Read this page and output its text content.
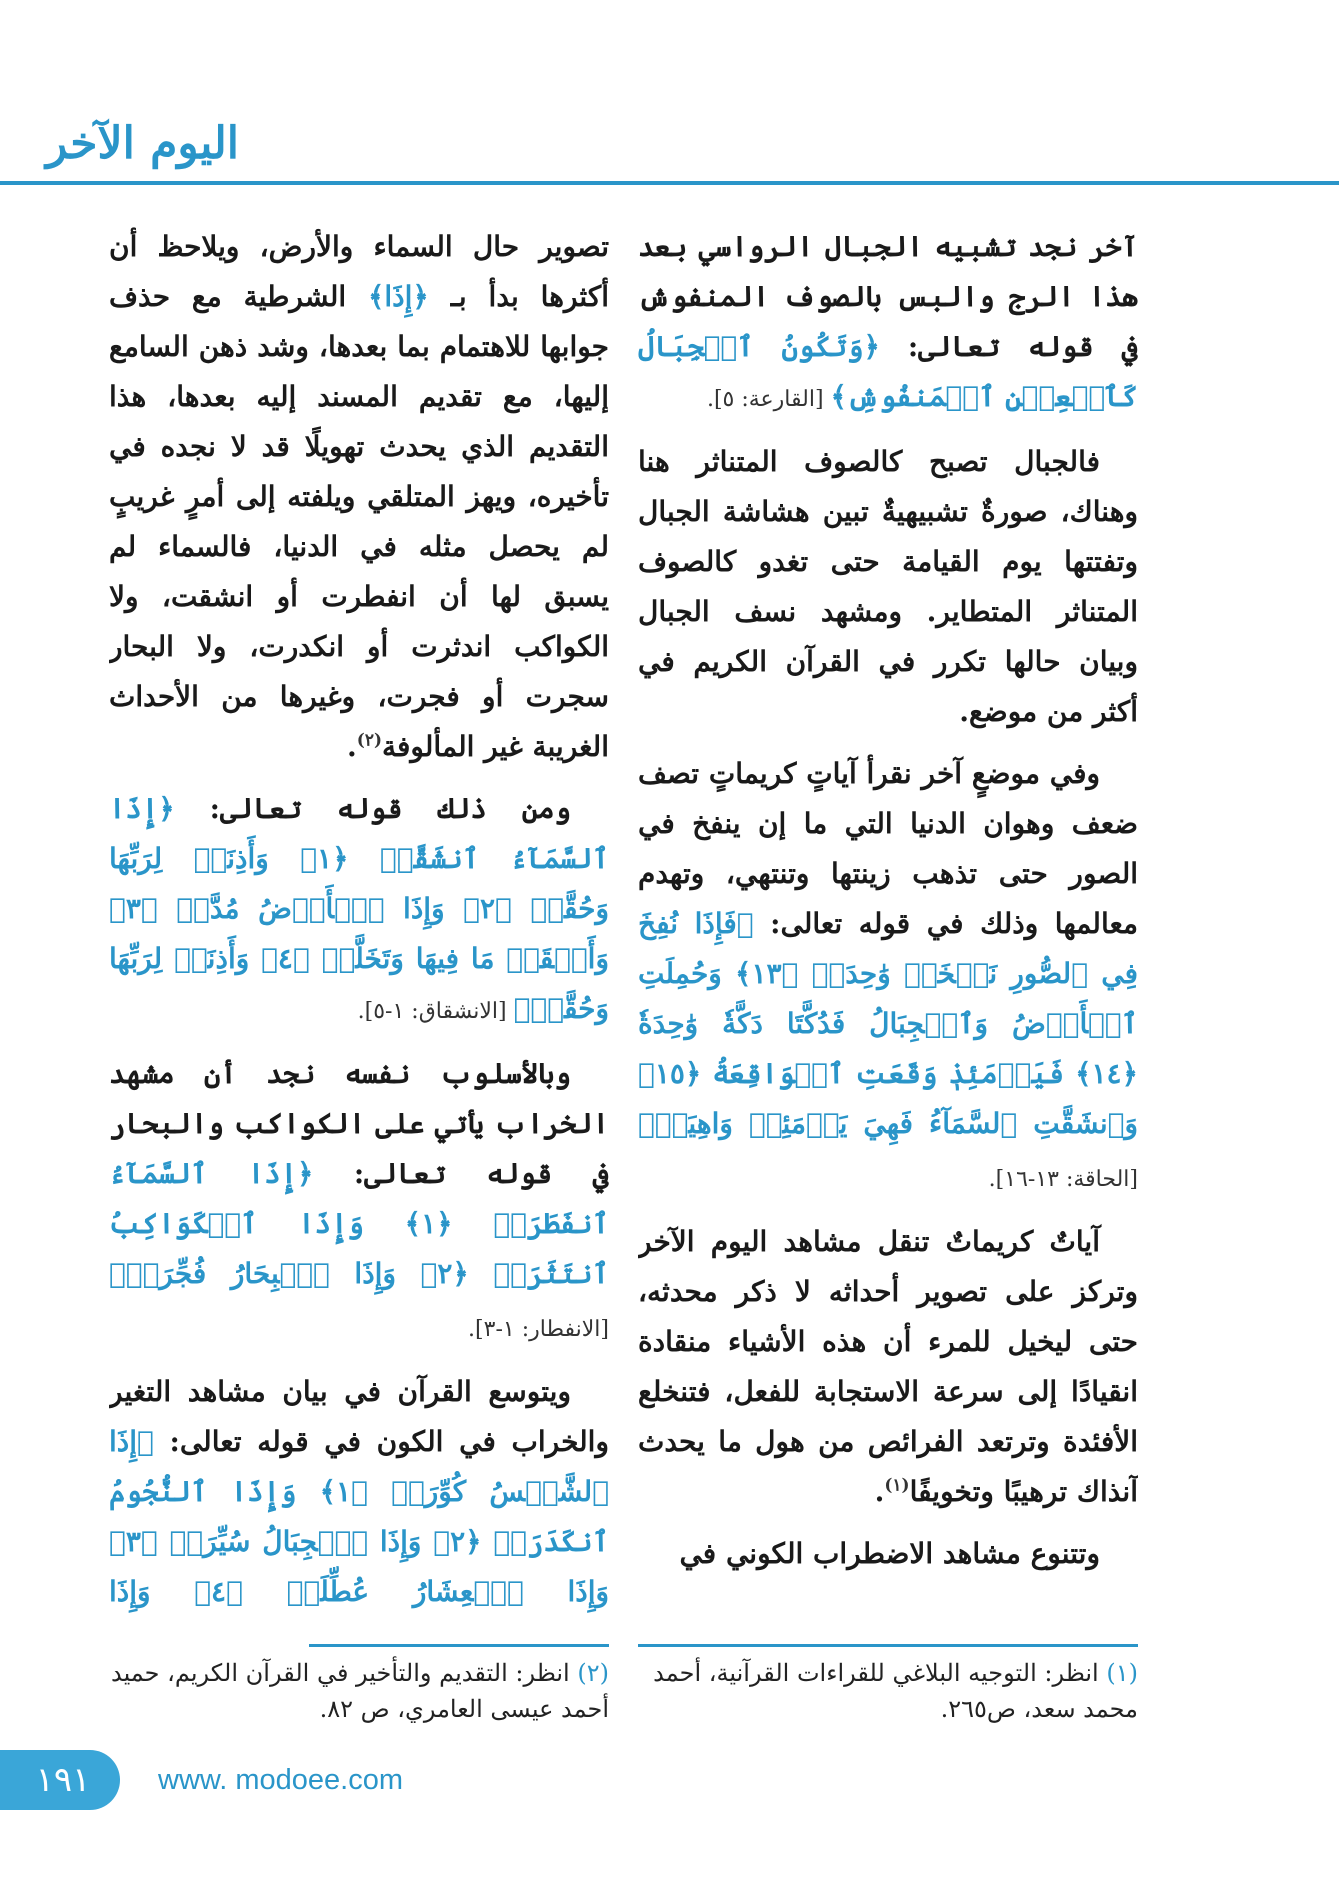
اليوم الآخر

آخر نجد تشبيه الجبال الرواسي بعد هذا الرج والبس بالصوف المنفوش في قوله تعالى: ﴿وَتَكُونُ ٱلۡجِبَالُ كَٱلۡعِهۡنِ ٱلۡمَنفُوشِ﴾ [القارعة: ٥].

فالجبال تصبح كالصوف المتناثر هنا وهناك، صورةٌ تشبيهيةٌ تبين هشاشة الجبال وتفتتها يوم القيامة حتى تغدو كالصوف المتناثر المتطاير. ومشهد نسف الجبال وبيان حالها تكرر في القرآن الكريم في أكثر من موضع.

وفي موضعٍ آخر نقرأ آياتٍ كريماتٍ تصف ضعف وهوان الدنيا التي ما إن ينفخ في الصور حتى تذهب زينتها وتنتهي، وتهدم معالمها وذلك في قوله تعالى: ﴿فَإِذَا نُفِخَ فِي ٱلصُّورِ نَفۡخَةٞ وَٰحِدَةٞ ﴿١٣﴾ وَحُمِلَتِ ٱلۡأَرۡضُ وَٱلۡجِبَالُ فَدُكَّتَا دَكَّةٗ وَٰحِدَةٗ ﴿١٤﴾ فَيَوۡمَئِذٖ وَقَعَتِ ٱلۡوَاقِعَةُ ﴿١٥﴾ وَٱنشَقَّتِ ٱلسَّمَآءُ فَهِيَ يَوۡمَئِذٖ وَاهِيَةٞ﴾ [الحاقة: ١٣-١٦].

آياتٌ كريماتٌ تنقل مشاهد اليوم الآخر وتركز على تصوير أحداثه لا ذكر محدثه، حتى ليخيل للمرء أن هذه الأشياء منقادة انقيادًا إلى سرعة الاستجابة للفعل، فتنخلع الأفئدة وترتعد الفرائص من هول ما يحدث آنذاك ترهيبًا وتخويفًا$^{(١)}$.

وتتنوع مشاهد الاضطراب الكوني في

تصوير حال السماء والأرض، ويلاحظ أن أكثرها بدأ بـ ﴿إِذَا﴾ الشرطية مع حذف جوابها للاهتمام بما بعدها، وشد ذهن السامع إليها، مع تقديم المسند إليه بعدها، هذا التقديم الذي يحدث تهويلًا قد لا نجده في تأخيره، ويهز المتلقي ويلفته إلى أمرٍ غريبٍ لم يحصل مثله في الدنيا، فالسماء لم يسبق لها أن انفطرت أو انشقت، ولا الكواكب اندثرت أو انكدرت، ولا البحار سجرت أو فجرت، وغيرها من الأحداث الغريبة غير المألوفة$^{(٢)}$.

ومن ذلك قوله تعالى: ﴿إِذَا ٱلسَّمَآءُ ٱنشَقَّتۡ ﴿١﴾ وَأَذِنَتۡ لِرَبِّهَا وَحُقَّتۡ ﴿٢﴾ وَإِذَا ٱلۡأَرۡضُ مُدَّتۡ ﴿٣﴾ وَأَلۡقَتۡ مَا فِيهَا وَتَخَلَّتۡ ﴿٤﴾ وَأَذِنَتۡ لِرَبِّهَا وَحُقَّتۡ﴾ [الانشقاق: ١-٥].

وبالأسلوب نفسه نجد أن مشهد الخراب يأتي على الكواكب والبحار في قوله تعالى: ﴿إِذَا ٱلسَّمَآءُ ٱنفَطَرَتۡ ﴿١﴾ وَإِذَا ٱلۡكَوَاكِبُ ٱنتَثَرَتۡ ﴿٢﴾ وَإِذَا ٱلۡبِحَارُ فُجِّرَتۡ﴾ [الانفطار: ١-٣].

ويتوسع القرآن في بيان مشاهد التغير والخراب في الكون في قوله تعالى: ﴿إِذَا ٱلشَّمۡسُ كُوِّرَتۡ ﴿١﴾ وَإِذَا ٱلنُّجُومُ ٱنكَدَرَتۡ ﴿٢﴾ وَإِذَا ٱلۡجِبَالُ سُيِّرَتۡ ﴿٣﴾ وَإِذَا ٱلۡعِشَارُ عُطِّلَتۡ ﴿٤﴾ وَإِذَا

(١) انظر: التوجيه البلاغي للقراءات القرآنية، أحمد محمد سعد، ص٢٦٥.
(٢) انظر: التقديم والتأخير في القرآن الكريم، حميد أحمد عيسى العامري، ص ٨٢.
١٩١	www. modoee.com
